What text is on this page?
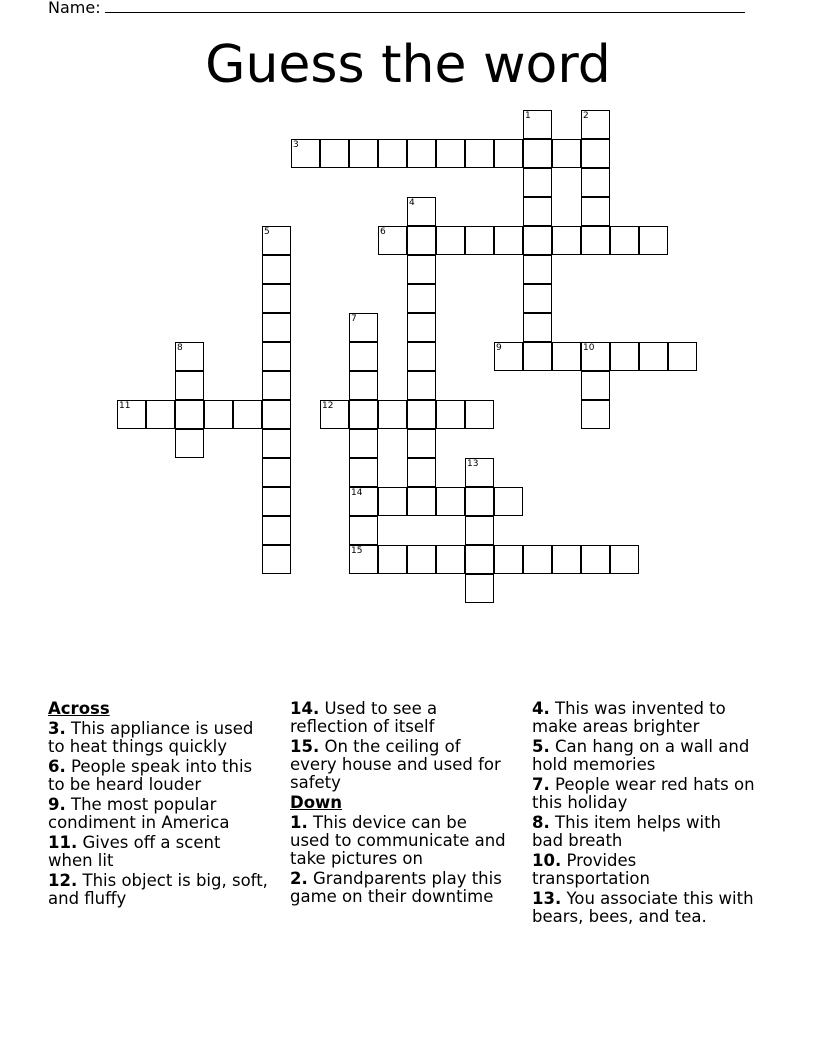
Name:
Guess the word
1	2
3
4
5	6
7
14
15
8	9	10
11	12
13
Across
3. This appliance is used to heat things quickly
6. People speak into this to be heard louder
9. The most popular condiment in America
11. Gives off a scent when lit
12. This object is big, soft, and fluffy
14. Used to see a reflection of itself
15. On the ceiling of every house and used for safety
Down
1. This device can be used to communicate and take pictures on
2. Grandparents play this game on their downtime
4. This was invented to make areas brighter
5. Can hang on a wall and hold memories
7. People wear red hats on this holiday
8. This item helps with bad breath
10. Provides transportation
13. You associate this with bears, bees, and tea.
